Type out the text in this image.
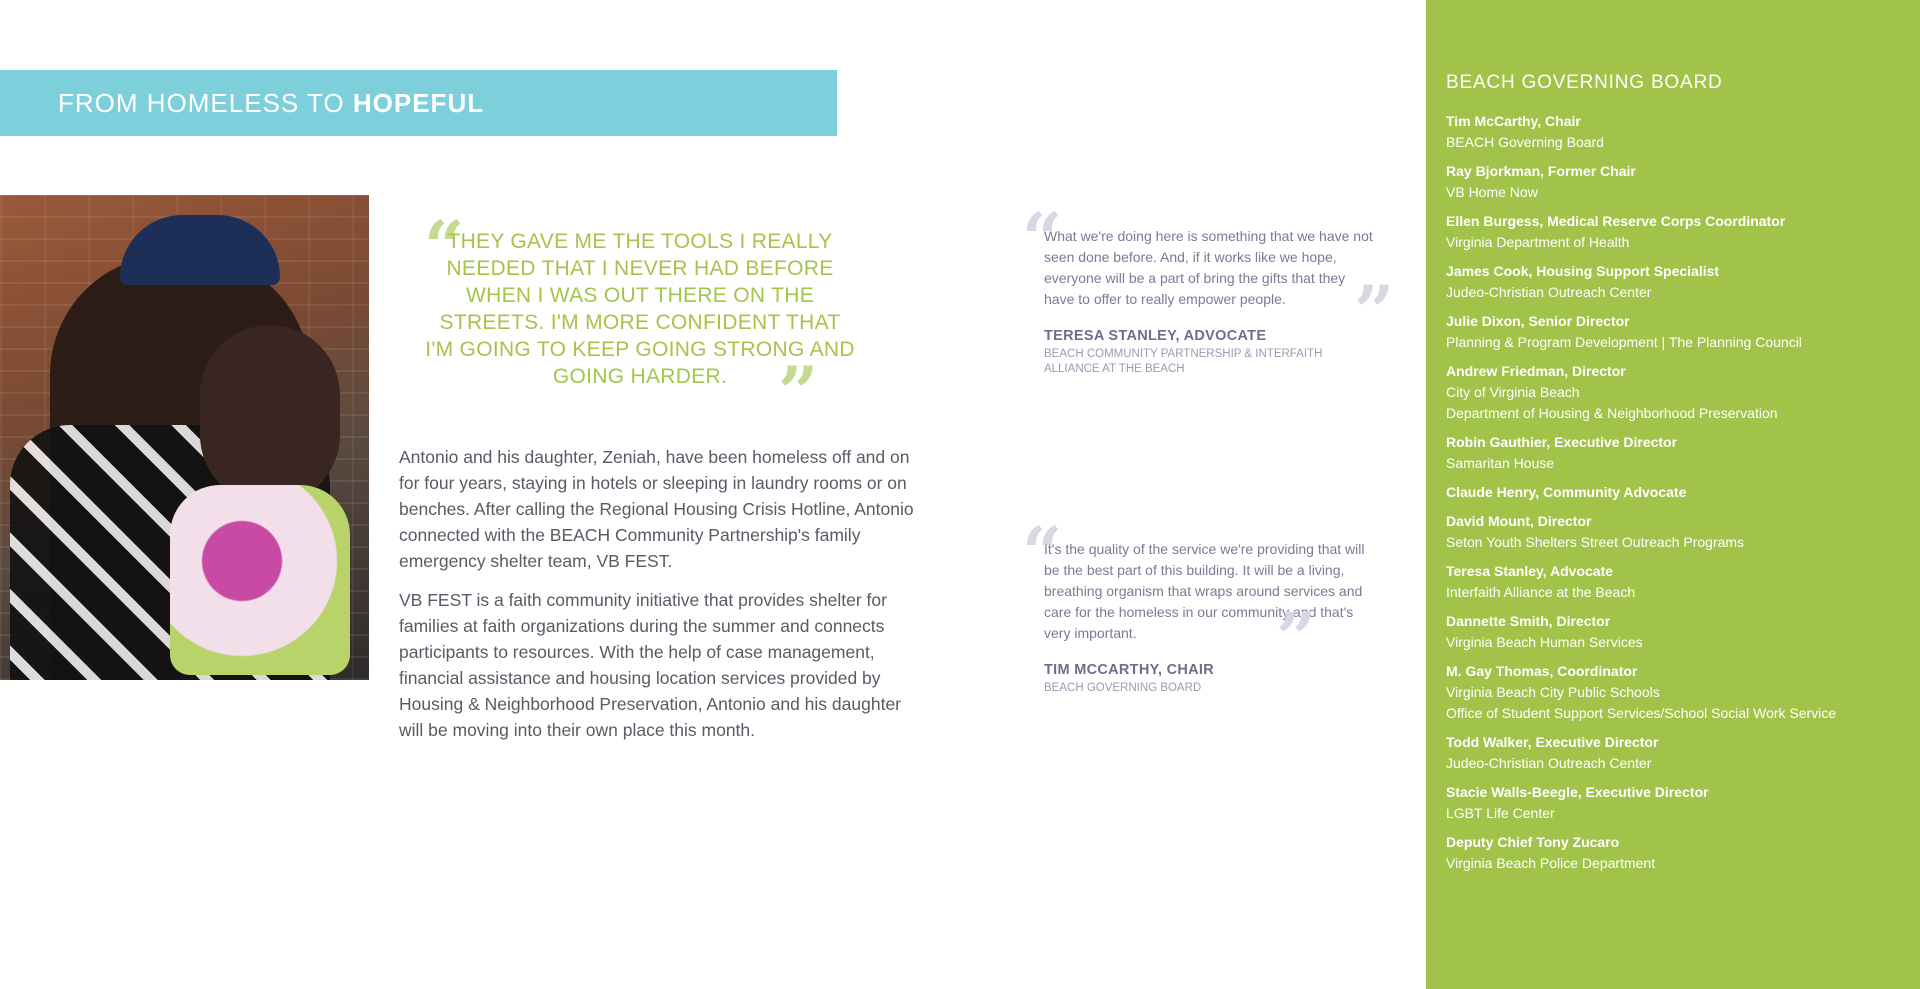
FROM HOMELESS TO HOPEFUL
“
THEY GAVE ME THE TOOLS I REALLY NEEDED THAT I NEVER HAD BEFORE WHEN I WAS OUT THERE ON THE STREETS. I'M MORE CONFIDENT THAT I'M GOING TO KEEP GOING STRONG AND GOING HARDER. ”

Antonio and his daughter, Zeniah, have been homeless off and on for four years, staying in hotels or sleeping in laundry rooms or on benches. After calling the Regional Housing Crisis Hotline, Antonio connected with the BEACH Community Partnership's family emergency shelter team, VB FEST.

VB FEST is a faith community initiative that provides shelter for families at faith organizations during the summer and connects participants to resources. With the help of case management, financial assistance and housing location services provided by Housing & Neighborhood Preservation, Antonio and his daughter will be moving into their own place this month.

“
What we're doing here is something that we have not seen done before. And, if it works like we hope, everyone will be a part of bring the gifts that they have to offer to really empower people.
TERESA STANLEY, ADVOCATE
BEACH COMMUNITY PARTNERSHIP & INTERFAITH ALLIANCE AT THE BEACH
”
“
It's the quality of the service we're providing that will be the best part of this building. It will be a living, breathing organism that wraps around services and care for the homeless in our community and that's very important.
TIM MCCARTHY, CHAIR
BEACH GOVERNING BOARD
”
BEACH GOVERNING BOARD
Tim McCarthy, Chair
BEACH Governing Board
Ray Bjorkman, Former Chair
VB Home Now
Ellen Burgess, Medical Reserve Corps Coordinator
Virginia Department of Health
James Cook, Housing Support Specialist
Judeo-Christian Outreach Center
Julie Dixon, Senior Director
Planning & Program Development | The Planning Council
Andrew Friedman, Director
City of Virginia Beach
Department of Housing & Neighborhood Preservation
Robin Gauthier, Executive Director
Samaritan House
Claude Henry, Community Advocate
David Mount, Director
Seton Youth Shelters Street Outreach Programs
Teresa Stanley, Advocate
Interfaith Alliance at the Beach
Dannette Smith, Director
Virginia Beach Human Services
M. Gay Thomas, Coordinator
Virginia Beach City Public Schools
Office of Student Support Services/School Social Work Service
Todd Walker, Executive Director
Judeo-Christian Outreach Center
Stacie Walls-Beegle, Executive Director
LGBT Life Center
Deputy Chief Tony Zucaro
Virginia Beach Police Department
